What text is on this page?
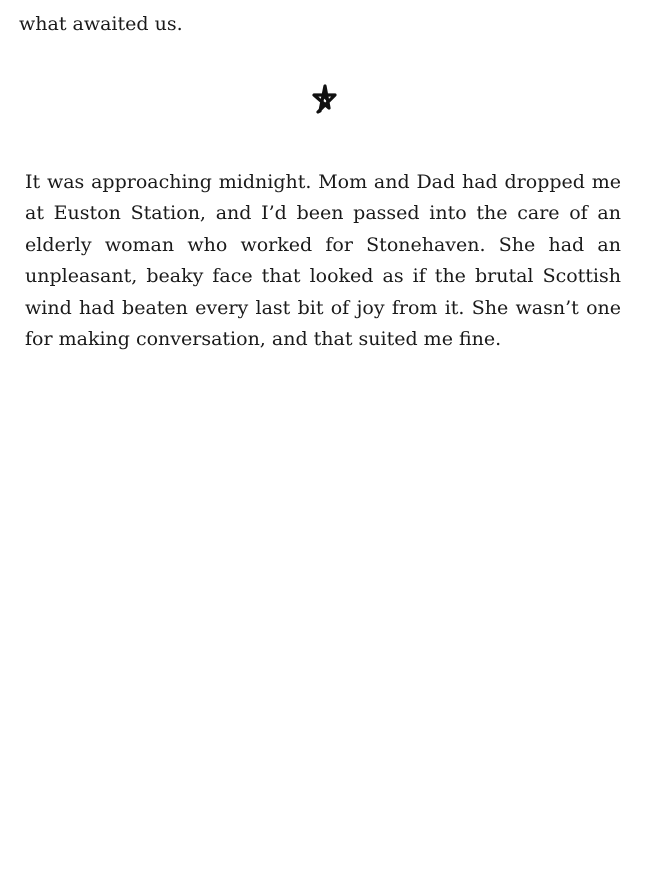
what awaited us.

It was approaching midnight. Mom and Dad had dropped me at Euston Station, and I’d been passed into the care of an elderly woman who worked for Stonehaven. She had an unpleasant, beaky face that looked as if the brutal Scottish wind had beaten every last bit of joy from it. She wasn’t one for making conversation, and that suited me fine.
